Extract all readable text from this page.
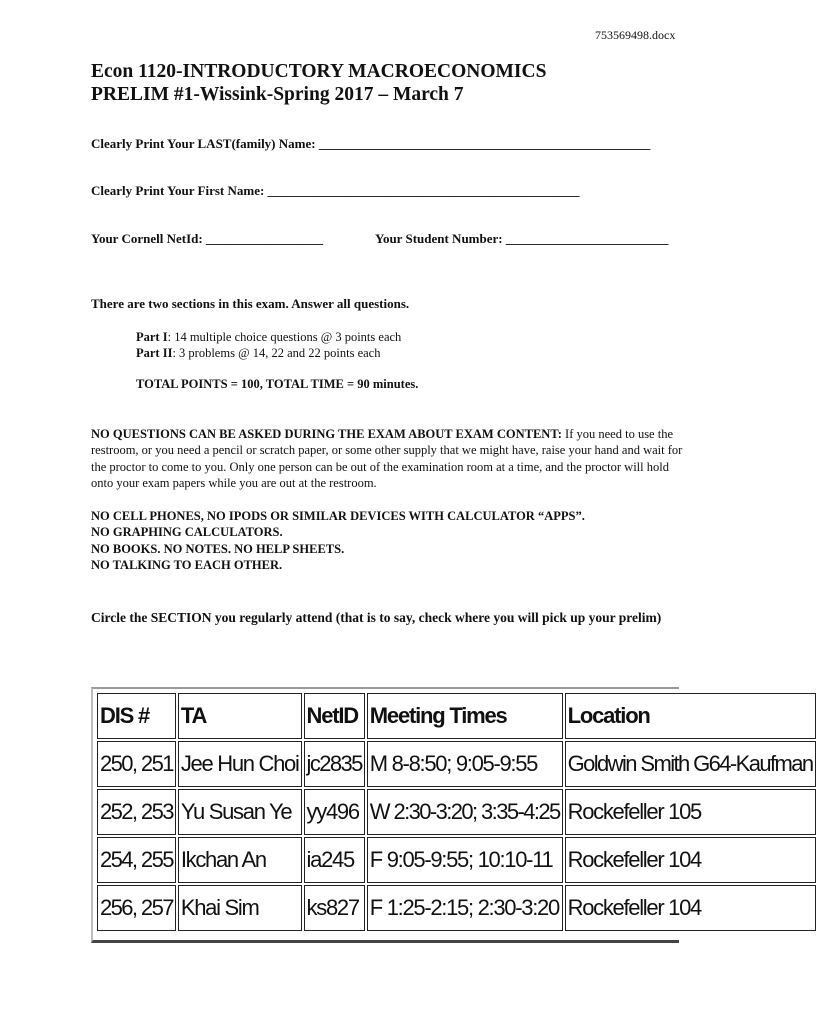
753569498.docx
Econ 1120-INTRODUCTORY MACROECONOMICS
PRELIM #1-Wissink-Spring 2017 – March 7
Clearly Print Your LAST(family) Name: ___________________________________________________
Clearly Print Your First Name: ________________________________________________
Your Cornell NetId: __________________	Your Student Number: _________________________
There are two sections in this exam. Answer all questions.
Part I: 14 multiple choice questions @ 3 points each
Part II: 3 problems @ 14, 22 and 22 points each
TOTAL POINTS = 100, TOTAL TIME = 90 minutes.
NO QUESTIONS CAN BE ASKED DURING THE EXAM ABOUT EXAM CONTENT: If you need to use the restroom, or you need a pencil or scratch paper, or some other supply that we might have, raise your hand and wait for the proctor to come to you. Only one person can be out of the examination room at a time, and the proctor will hold onto your exam papers while you are out at the restroom.
NO CELL PHONES, NO IPODS OR SIMILAR DEVICES WITH CALCULATOR “APPS”.
NO GRAPHING CALCULATORS.
NO BOOKS. NO NOTES. NO HELP SHEETS.
NO TALKING TO EACH OTHER.
Circle the SECTION you regularly attend (that is to say, check where you will pick up your prelim)
DIS #	TA	NetID	Meeting Times	Location
250, 251	Jee Hun Choi	jc2835	M 8-8:50; 9:05-9:55	Goldwin Smith G64-Kaufman
252, 253	Yu Susan Ye	yy496	W 2:30-3:20; 3:35-4:25	Rockefeller 105
254, 255	Ikchan An	ia245	F 9:05-9:55; 10:10-11	Rockefeller 104
256, 257	Khai Sim	ks827	F 1:25-2:15; 2:30-3:20	Rockefeller 104
